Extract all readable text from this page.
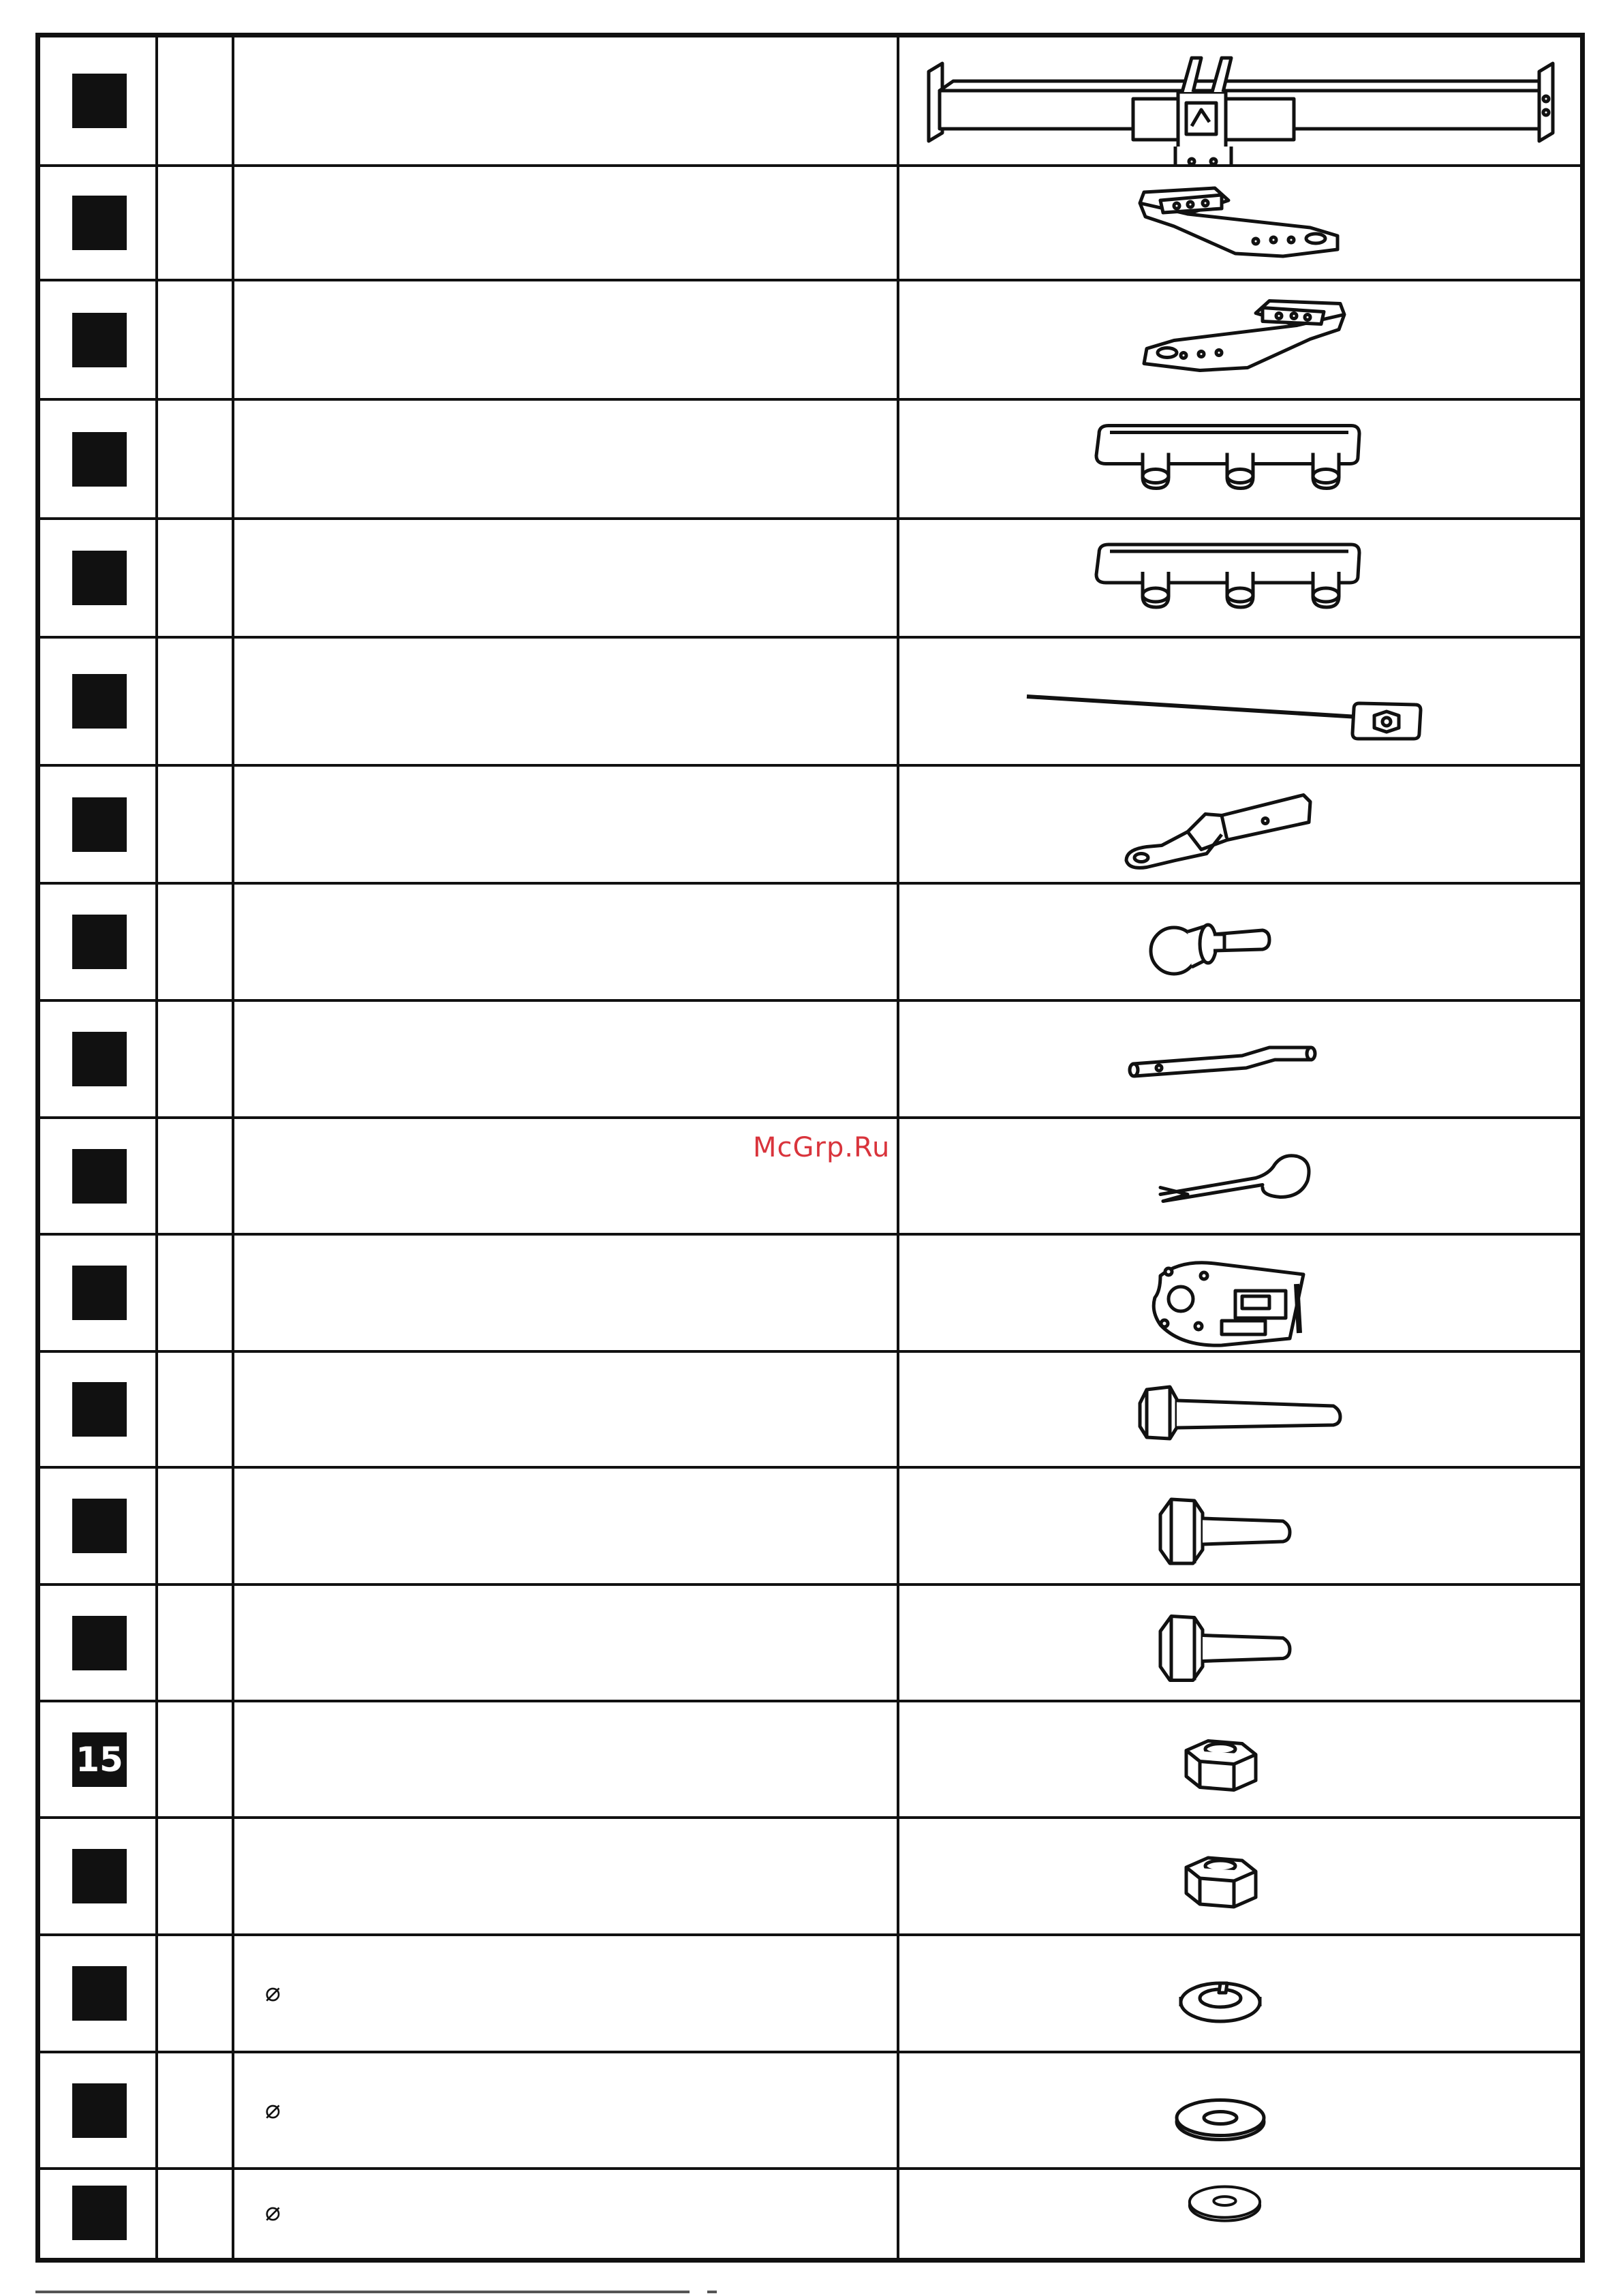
15
⌀
⌀
⌀
McGrp.Ru
